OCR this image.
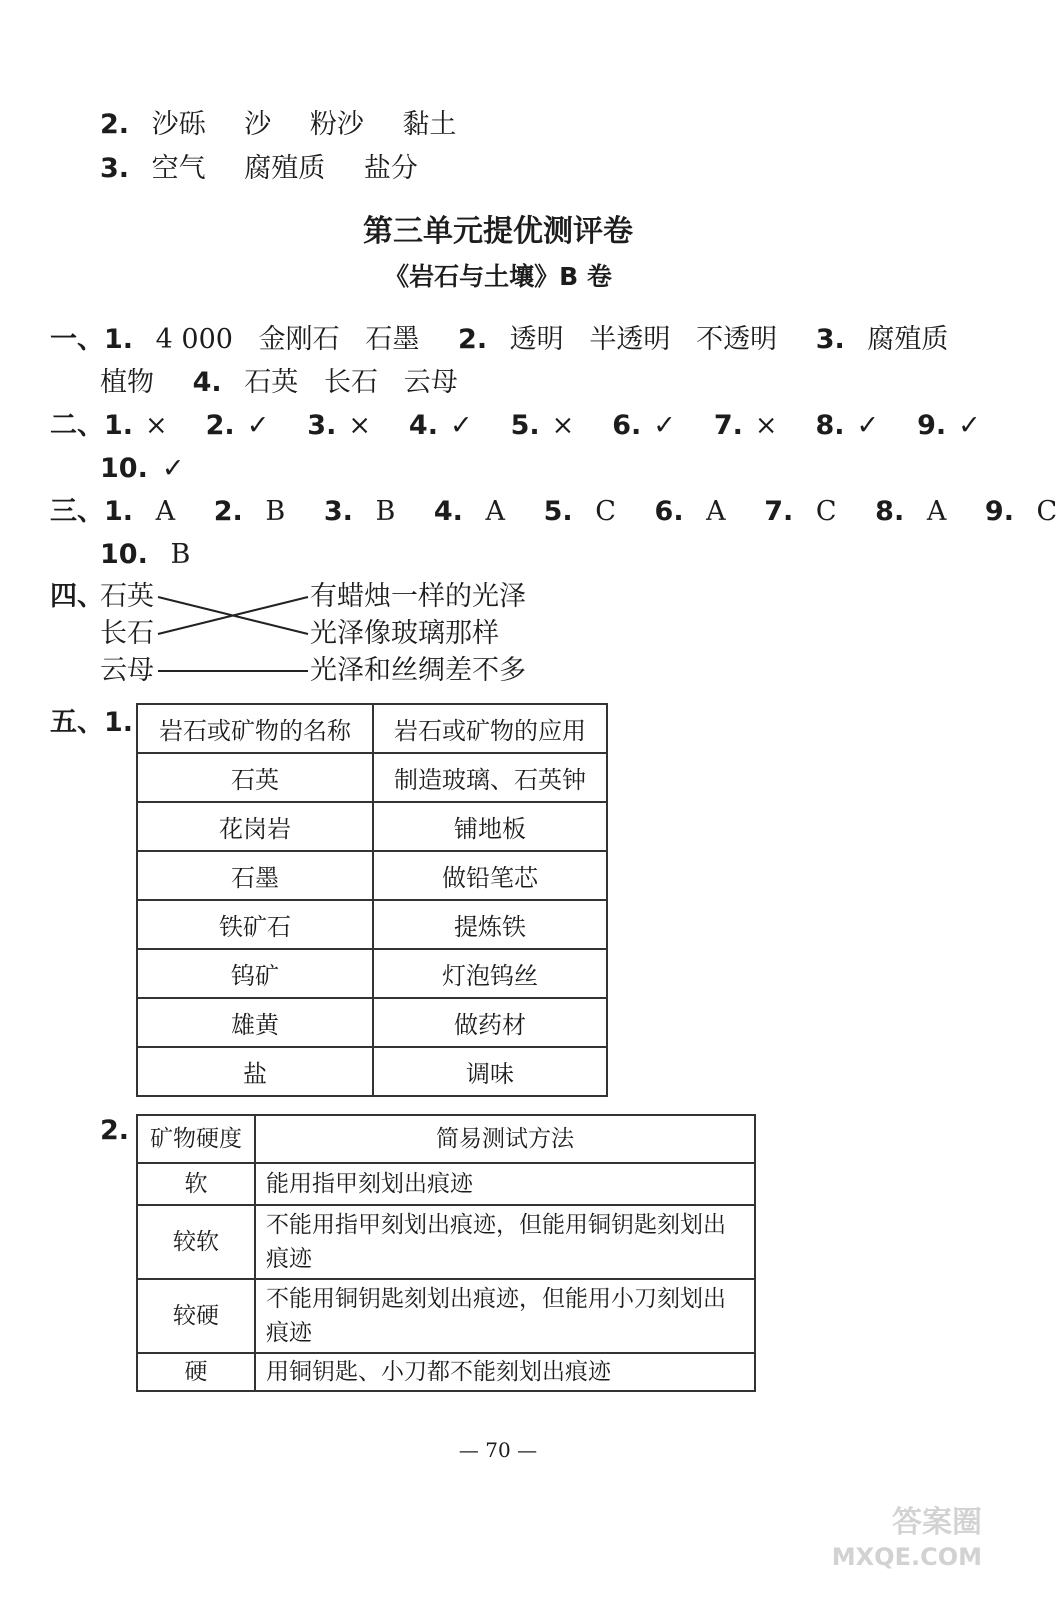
2. 沙砾 沙 粉沙 黏土
3. 空气 腐殖质 盐分
第三单元提优测评卷
《岩石与土壤》B 卷
一、1. 4 000   金刚石   石墨 2. 透明   半透明   不透明 3. 腐殖质
植物 4. 石英   长石   云母
二、1. × 2. ✓ 3. × 4. ✓ 5. × 6. ✓ 7. × 8. ✓ 9. ✓
10. ✓
三、1. A 2. B 3. B 4. A 5. C 6. A 7. C 8. A 9. C
10. B
四、
石英
长石
云母
有蜡烛一样的光泽
光泽像玻璃那样
光泽和丝绸差不多
五、1. 岩石或矿物的名称	岩石或矿物的应用
石英	制造玻璃、石英钟
花岗岩	铺地板
石墨	做铅笔芯
铁矿石	提炼铁
钨矿	灯泡钨丝
雄黄	做药材
盐	调味
2. 矿物硬度	简易测试方法
软	能用指甲刻划出痕迹
较软	不能用指甲刻划出痕迹，但能用铜钥匙刻划出痕迹
较硬	不能用铜钥匙刻划出痕迹，但能用小刀刻划出痕迹
硬	用铜钥匙、小刀都不能刻划出痕迹
— 70 —
答案圈
MXQE.COM
